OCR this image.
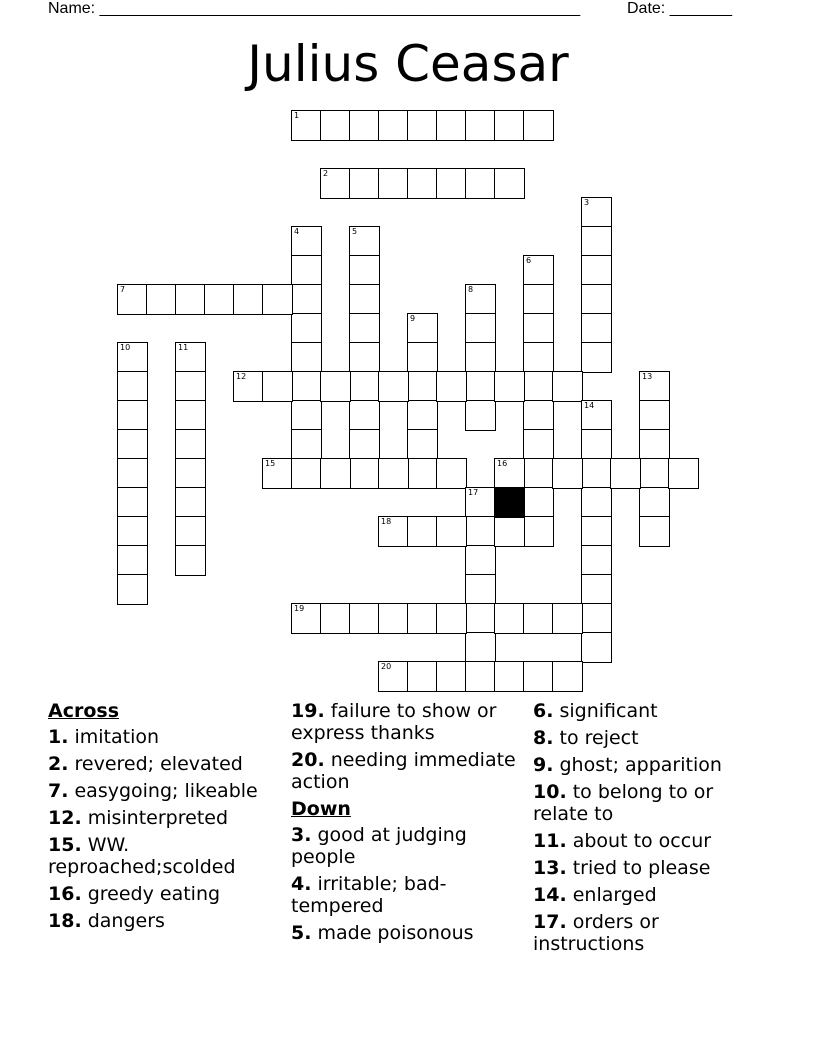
Name: ______________________________________________________	Date: _______
Julius Ceasar
1
2
3
4	5
6
7	8
9
10	11
12	13
14
15	16
17
18
19
20
Across
1. imitation
2. revered; elevated
7. easygoing; likeable
12. misinterpreted
15. WW. reproached;scolded
16. greedy eating
18. dangers
19. failure to show or express thanks
20. needing immediate action
Down
3. good at judging people
4. irritable; bad-tempered
5. made poisonous
6. significant
8. to reject
9. ghost; apparition
10. to belong to or relate to
11. about to occur
13. tried to please
14. enlarged
17. orders or instructions
